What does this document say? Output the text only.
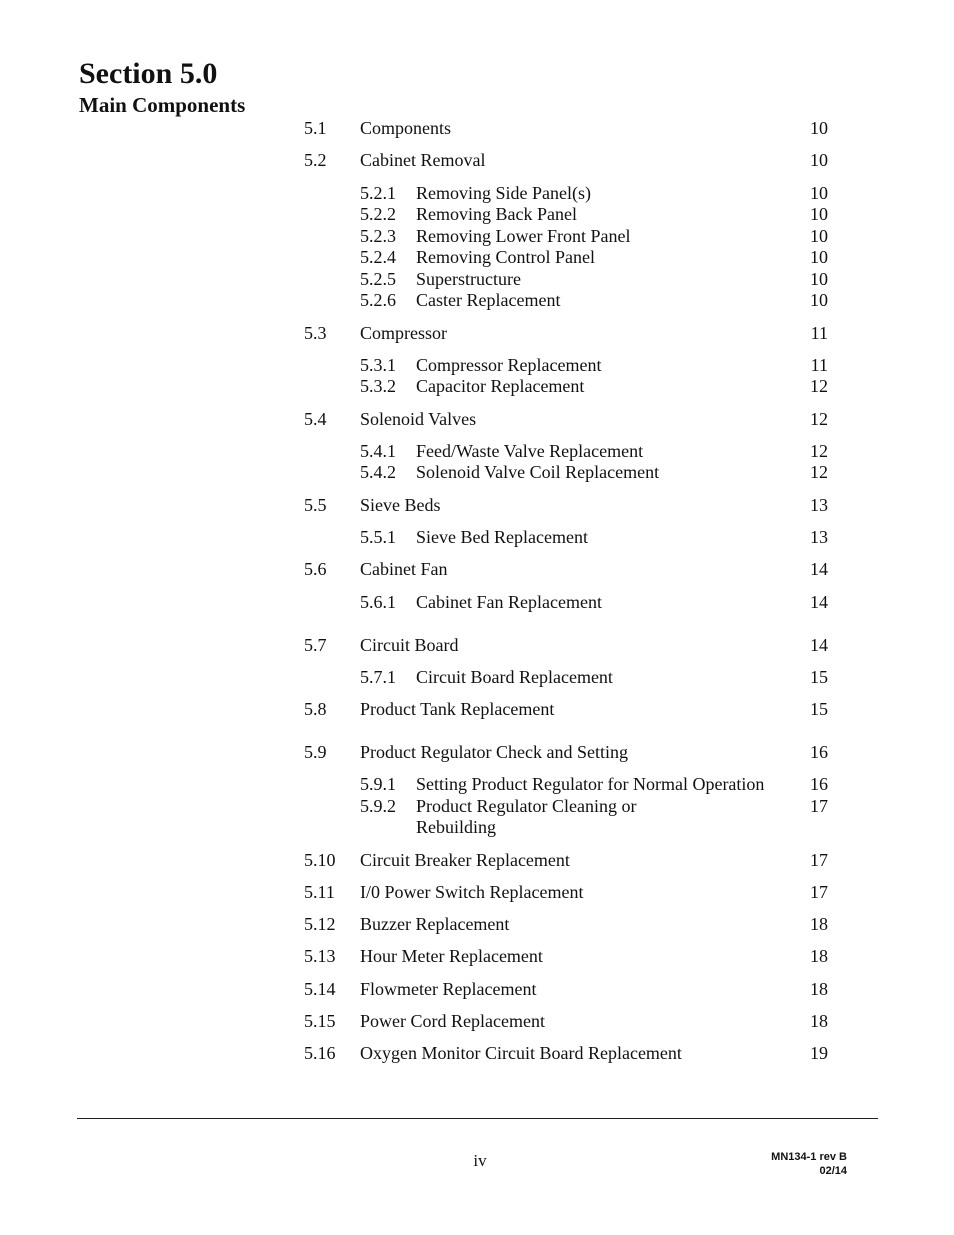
Section 5.0
Main Components
5.1 Components	10
5.2 Cabinet Removal	10
5.2.1 Removing Side Panel(s)	10
5.2.2 Removing Back Panel	10
5.2.3 Removing Lower Front Panel	10
5.2.4 Removing Control Panel	10
5.2.5 Superstructure	10
5.2.6 Caster Replacement	10
5.3 Compressor	11
5.3.1 Compressor Replacement	11
5.3.2 Capacitor Replacement	12
5.4 Solenoid Valves	12
5.4.1 Feed/Waste Valve Replacement	12
5.4.2 Solenoid Valve Coil Replacement	12
5.5 Sieve Beds	13
5.5.1 Sieve Bed Replacement	13
5.6 Cabinet Fan	14
5.6.1 Cabinet Fan Replacement	14
5.7 Circuit Board	14
5.7.1 Circuit Board Replacement	15
5.8 Product Tank Replacement	15
5.9 Product Regulator Check and Setting	16
5.9.1 Setting Product Regulator for Normal Operation	16
5.9.2 Product Regulator Cleaning or	17
Rebuilding
5.10 Circuit Breaker Replacement	17
5.11 I/0 Power Switch Replacement	17
5.12 Buzzer Replacement	18
5.13 Hour Meter Replacement	18
5.14 Flowmeter Replacement	18
5.15 Power Cord Replacement	18
5.16 Oxygen Monitor Circuit Board Replacement	19
iv	MN134-1 rev B
02/14
